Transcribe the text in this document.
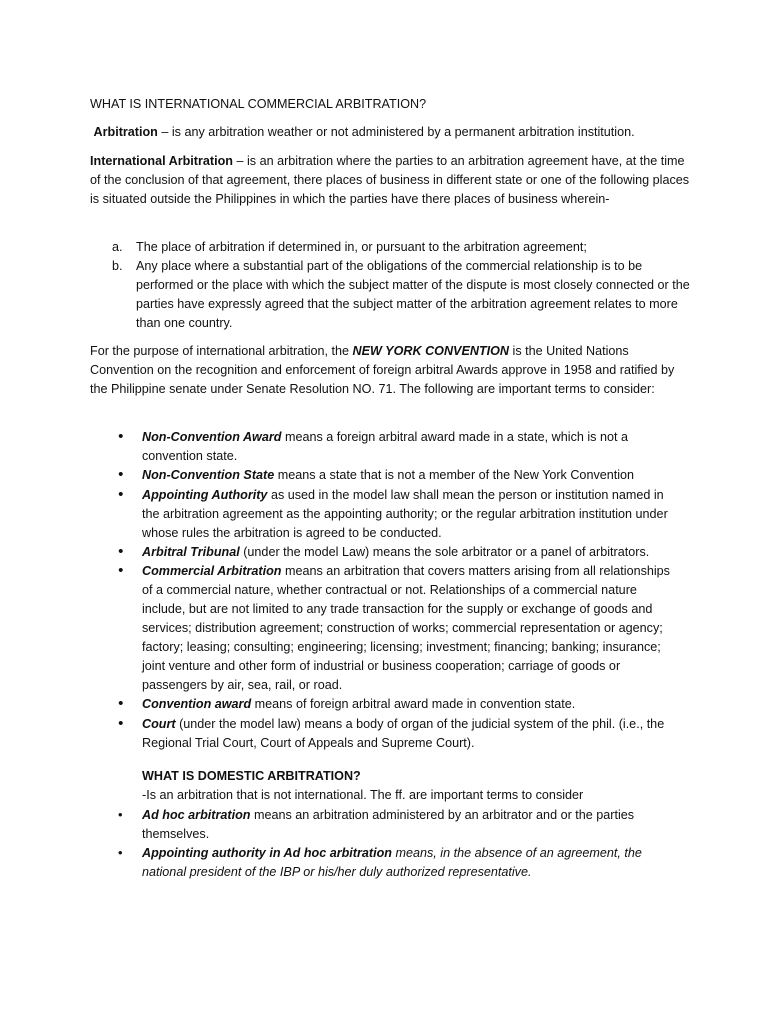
WHAT IS INTERNATIONAL COMMERCIAL ARBITRATION?

Arbitration – is any arbitration weather or not administered by a permanent arbitration institution.

International Arbitration – is an arbitration where the parties to an arbitration agreement have, at the time of the conclusion of that agreement, there places of business in different state or one of the following places is situated outside the Philippines in which the parties have there places of business wherein-

a.	The place of arbitration if determined in, or pursuant to the arbitration agreement;
b.	Any place where a substantial part of the obligations of the commercial relationship is to be performed or the place with which the subject matter of the dispute is most closely connected or the parties have expressly agreed that the subject matter of the arbitration agreement relates to more than one country.

For the purpose of international arbitration, the NEW YORK CONVENTION is the United Nations Convention on the recognition and enforcement of foreign arbitral Awards approve in 1958 and ratified by the Philippine senate under Senate Resolution NO. 71. The following are important terms to consider:

•	Non-Convention Award means a foreign arbitral award made in a state, which is not a convention state.
•	Non-Convention State means a state that is not a member of the New York Convention
•	Appointing Authority as used in the model law shall mean the person or institution named in the arbitration agreement as the appointing authority; or the regular arbitration institution under whose rules the arbitration is agreed to be conducted.
•	Arbitral Tribunal (under the model Law) means the sole arbitrator or a panel of arbitrators.
•	Commercial Arbitration means an arbitration that covers matters arising from all relationships of a commercial nature, whether contractual or not. Relationships of a commercial nature include, but are not limited to any trade transaction for the supply or exchange of goods and services; distribution agreement; construction of works; commercial representation or agency; factory; leasing; consulting; engineering; licensing; investment; financing; banking; insurance; joint venture and other form of industrial or business cooperation; carriage of goods or passengers by air, sea, rail, or road.
•	Convention award means of foreign arbitral award made in convention state.
•	Court (under the model law) means a body of organ of the judicial system of the phil. (i.e., the Regional Trial Court, Court of Appeals and Supreme Court).

WHAT IS DOMESTIC ARBITRATION?

-Is an arbitration that is not international. The ff. are important terms to consider

•	Ad hoc arbitration means an arbitration administered by an arbitrator and or the parties themselves.
•	Appointing authority in Ad hoc arbitration means, in the absence of an agreement, the national president of the IBP or his/her duly authorized representative.
